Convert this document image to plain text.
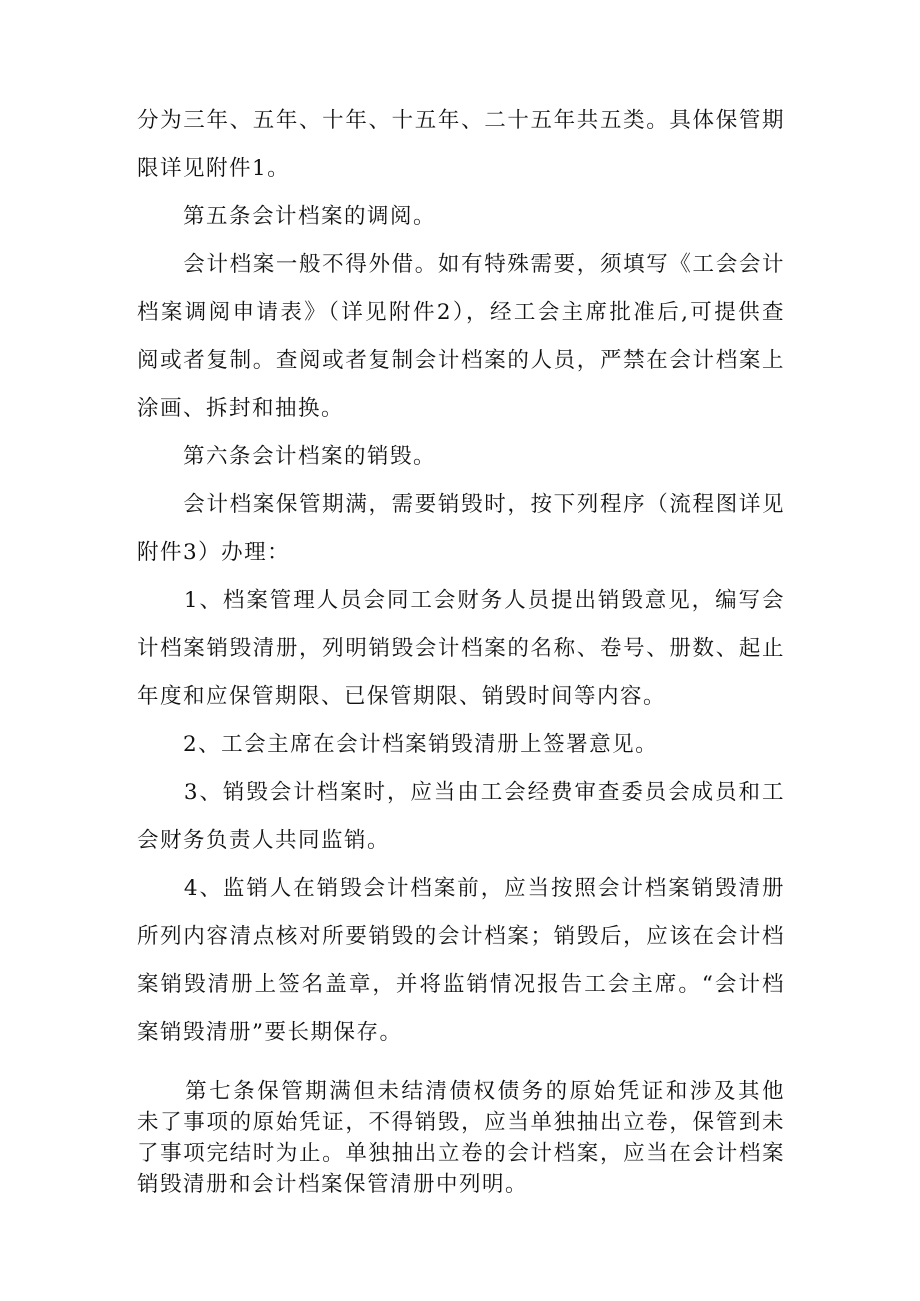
分为三年、五年、十年、十五年、二十五年共五类。具体保管期
限详见附件1。

　　第五条会计档案的调阅。

　　会计档案一般不得外借。如有特殊需要，须填写《工会会计
档案调阅申请表》（详见附件2），经工会主席批准后,可提供查
阅或者复制。查阅或者复制会计档案的人员，严禁在会计档案上
涂画、拆封和抽换。

　　第六条会计档案的销毁。

　　会计档案保管期满，需要销毁时，按下列程序（流程图详见
附件3）办理：

　　1、档案管理人员会同工会财务人员提出销毁意见，编写会
计档案销毁清册，列明销毁会计档案的名称、卷号、册数、起止
年度和应保管期限、已保管期限、销毁时间等内容。

　　2、工会主席在会计档案销毁清册上签署意见。

　　3、销毁会计档案时，应当由工会经费审查委员会成员和工
会财务负责人共同监销。

　　4、监销人在销毁会计档案前，应当按照会计档案销毁清册
所列内容清点核对所要销毁的会计档案；销毁后，应该在会计档
案销毁清册上签名盖章，并将监销情况报告工会主席。“会计档
案销毁清册”要长期保存。

　　第七条保管期满但未结清债权债务的原始凭证和涉及其他
未了事项的原始凭证，不得销毁，应当单独抽出立卷，保管到未
了事项完结时为止。单独抽出立卷的会计档案，应当在会计档案
销毁清册和会计档案保管清册中列明。
